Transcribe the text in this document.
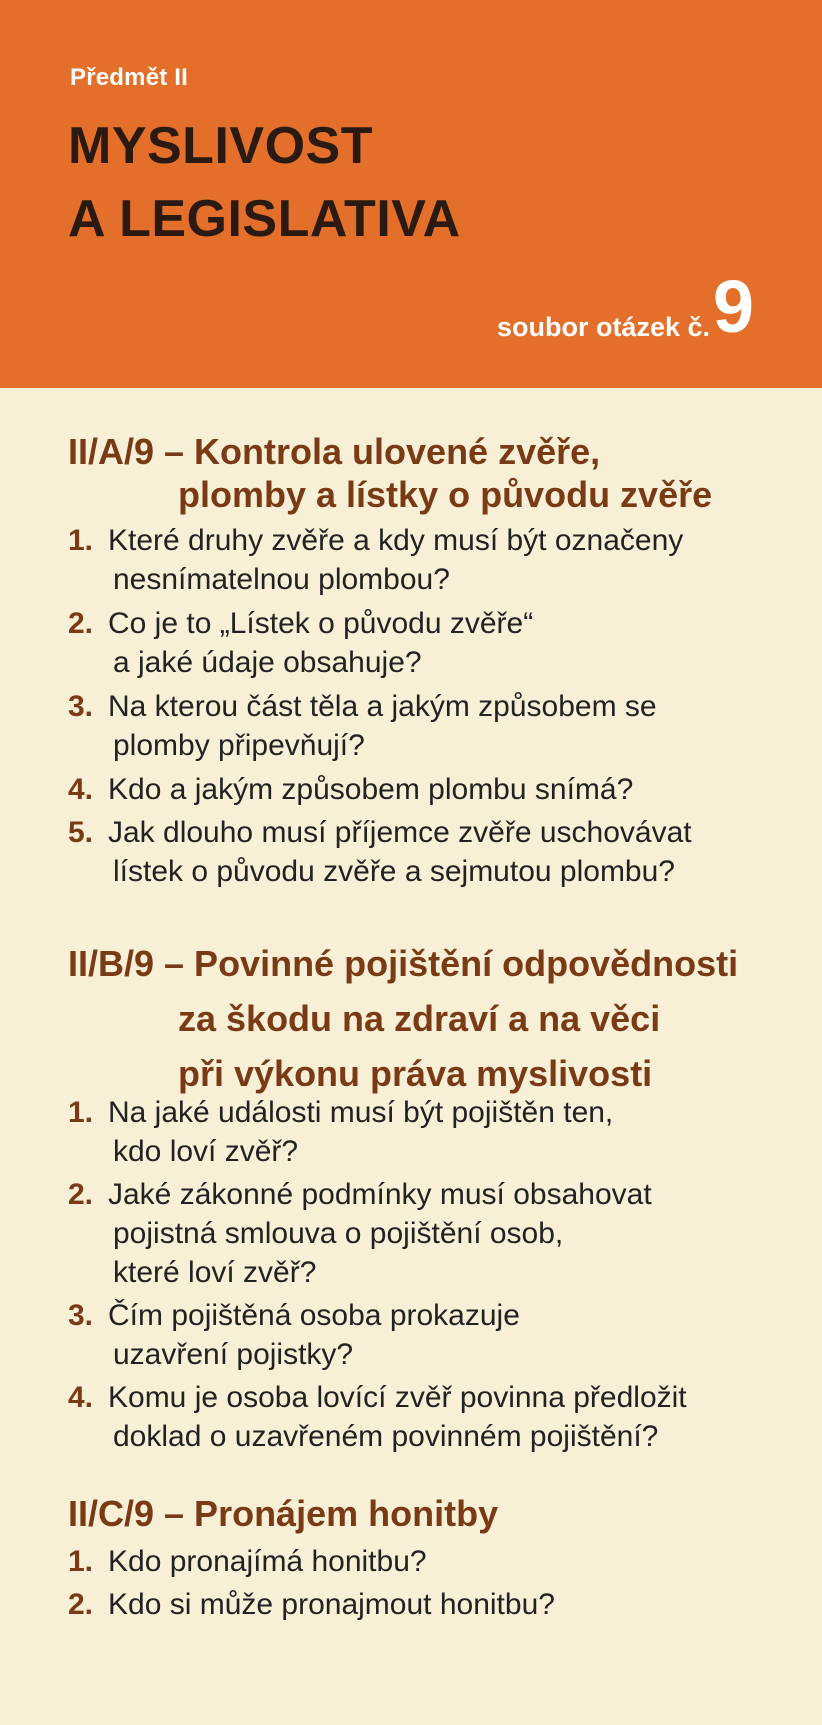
Předmět II
MYSLIVOST
A LEGISLATIVA
soubor otázek č. 9
II/A/9 – Kontrola ulovené zvěře,
plomby a lístky o původu zvěře
1. Které druhy zvěře a kdy musí být označeny
nesnímatelnou plombou?
2. Co je to „Lístek o původu zvěře“
a jaké údaje obsahuje?
3. Na kterou část těla a jakým způsobem se
plomby připevňují?
4. Kdo a jakým způsobem plombu snímá?
5. Jak dlouho musí příjemce zvěře uschovávat
lístek o původu zvěře a sejmutou plombu?
II/B/9 – Povinné pojištění odpovědnosti
za škodu na zdraví a na věci
při výkonu práva myslivosti
1. Na jaké události musí být pojištěn ten,
kdo loví zvěř?
2. Jaké zákonné podmínky musí obsahovat
pojistná smlouva o pojištění osob,
které loví zvěř?
3. Čím pojištěná osoba prokazuje
uzavření pojistky?
4. Komu je osoba lovící zvěř povinna předložit
doklad o uzavřeném povinném pojištění?
II/C/9 – Pronájem honitby
1. Kdo pronajímá honitbu?
2. Kdo si může pronajmout honitbu?
